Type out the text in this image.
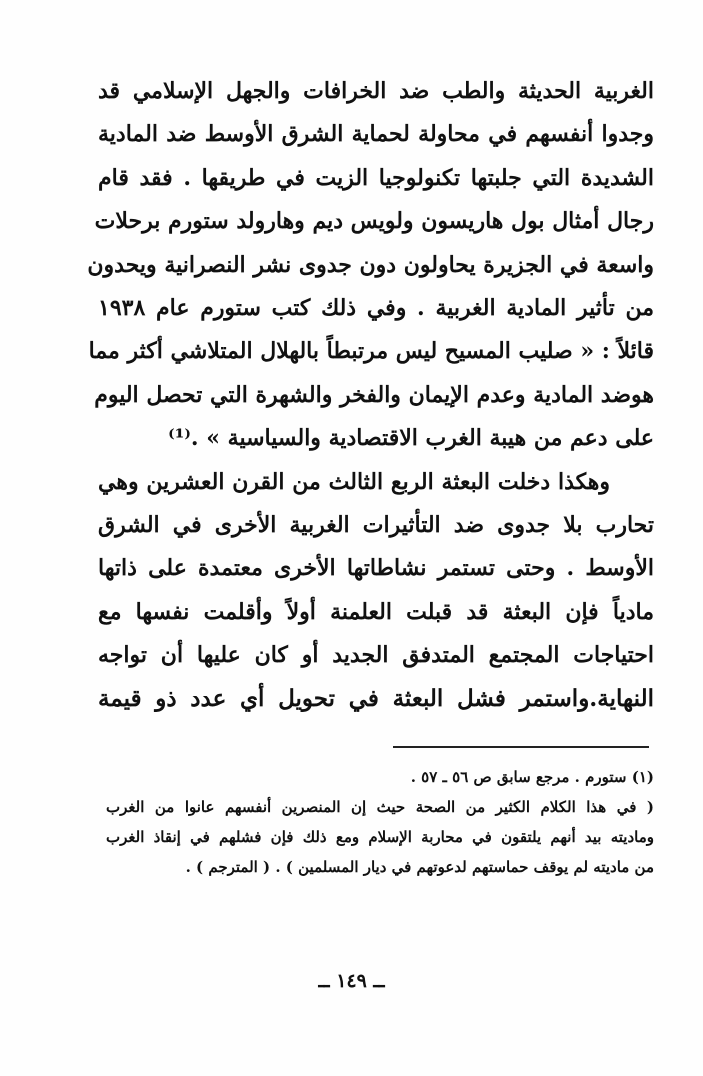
الغربية الحديثة والطب ضد الخرافات والجهل الإسلامي قد
وجدوا أنفسهم في محاولة لحماية الشرق الأوسط ضد المادية
الشديدة التي جلبتها تكنولوجيا الزيت في طريقها . فقد قام
رجال أمثال بول هاريسون ولويس ديم وهارولد ستورم برحلات
واسعة في الجزيرة يحاولون دون جدوى نشر النصرانية ويحدون
من تأثير المادية الغربية . وفي ذلك كتب ستورم عام ١٩٣٨
قائلاً : « صليب المسيح ليس مرتبطاً بالهلال المتلاشي أكثر مما
هوضد المادية وعدم الإيمان والفخر والشهرة التي تحصل اليوم
على دعم من هيبة الغرب الاقتصادية والسياسية » .⁽¹⁾
وهكذا دخلت البعثة الربع الثالث من القرن العشرين وهي
تحارب بلا جدوى ضد التأثيرات الغربية الأخرى في الشرق
الأوسط . وحتى تستمر نشاطاتها الأخرى معتمدة على ذاتها
مادياً فإن البعثة قد قبلت العلمنة أولاً وأقلمت نفسها مع
احتياجات المجتمع المتدفق الجديد أو كان عليها أن تواجه
النهاية.واستمر فشل البعثة في تحويل أي عدد ذو قيمة
(١) ستورم . مرجع سابق ص ٥٦ ـ ٥٧ .
( في هذا الكلام الكثير من الصحة حيث إن المنصرين أنفسهم عانوا من الغرب
وماديته بيد أنهم يلتقون في محاربة الإسلام ومع ذلك فإن فشلهم في إنقاذ الغرب
من ماديته لم يوقف حماستهم لدعوتهم في ديار المسلمين ) . ( المترجم ) .
ــ ١٤٩ ــ
